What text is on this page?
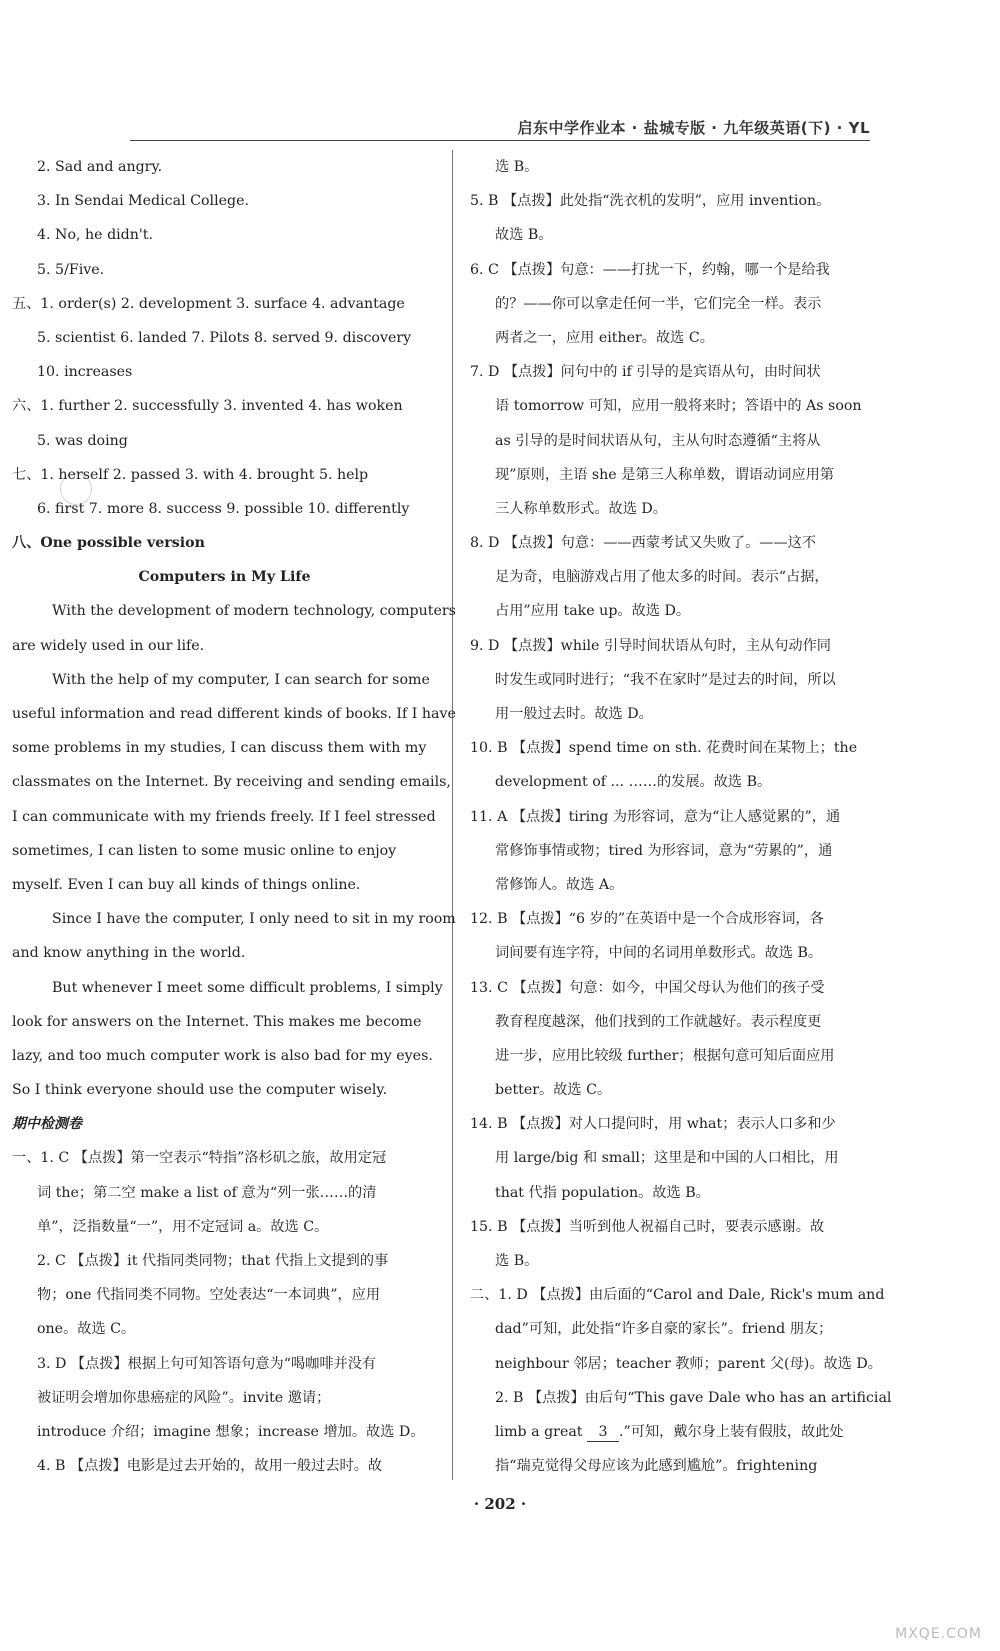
启东中学作业本 · 盐城专版 · 九年级英语(下) · YL
2. Sad and angry.
3. In Sendai Medical College.
4. No, he didn't.
5. 5/Five.
五、1. order(s) 2. development 3. surface 4. advantage
5. scientist 6. landed 7. Pilots 8. served 9. discovery
10. increases
六、1. further 2. successfully 3. invented 4. has woken
5. was doing
七、1. herself 2. passed 3. with 4. brought 5. help
6. first 7. more 8. success 9. possible 10. differently
八、One possible version
Computers in My Life
With the development of modern technology, computers
are widely used in our life.
With the help of my computer, I can search for some
useful information and read different kinds of books. If I have
some problems in my studies, I can discuss them with my
classmates on the Internet. By receiving and sending emails,
I can communicate with my friends freely. If I feel stressed
sometimes, I can listen to some music online to enjoy
myself. Even I can buy all kinds of things online.
Since I have the computer, I only need to sit in my room
and know anything in the world.
But whenever I meet some difficult problems, I simply
look for answers on the Internet. This makes me become
lazy, and too much computer work is also bad for my eyes.
So I think everyone should use the computer wisely.
期中检测卷
一、1. C 【点拨】第一空表示“特指”洛杉矶之旅，故用定冠
词 the；第二空 make a list of 意为“列一张……的清
单”，泛指数量“一”，用不定冠词 a。故选 C。
2. C 【点拨】it 代指同类同物；that 代指上文提到的事
物；one 代指同类不同物。空处表达“一本词典”，应用
one。故选 C。
3. D 【点拨】根据上句可知答语句意为“喝咖啡并没有
被证明会增加你患癌症的风险”。invite 邀请；
introduce 介绍；imagine 想象；increase 增加。故选 D。
4. B 【点拨】电影是过去开始的，故用一般过去时。故
选 B。
5. B 【点拨】此处指“洗衣机的发明”，应用 invention。
故选 B。
6. C 【点拨】句意：——打扰一下，约翰，哪一个是给我
的？——你可以拿走任何一半，它们完全一样。表示
两者之一，应用 either。故选 C。
7. D 【点拨】问句中的 if 引导的是宾语从句，由时间状
语 tomorrow 可知，应用一般将来时；答语中的 As soon
as 引导的是时间状语从句，主从句时态遵循“主将从
现”原则，主语 she 是第三人称单数，谓语动词应用第
三人称单数形式。故选 D。
8. D 【点拨】句意：——西蒙考试又失败了。——这不
足为奇，电脑游戏占用了他太多的时间。表示“占据，
占用”应用 take up。故选 D。
9. D 【点拨】while 引导时间状语从句时，主从句动作同
时发生或同时进行；“我不在家时”是过去的时间，所以
用一般过去时。故选 D。
10. B 【点拨】spend time on sth. 花费时间在某物上；the
development of ... ……的发展。故选 B。
11. A 【点拨】tiring 为形容词，意为“让人感觉累的”，通
常修饰事情或物；tired 为形容词，意为“劳累的”，通
常修饰人。故选 A。
12. B 【点拨】“6 岁的”在英语中是一个合成形容词，各
词间要有连字符，中间的名词用单数形式。故选 B。
13. C 【点拨】句意：如今，中国父母认为他们的孩子受
教育程度越深，他们找到的工作就越好。表示程度更
进一步，应用比较级 further；根据句意可知后面应用
better。故选 C。
14. B 【点拨】对人口提问时，用 what；表示人口多和少
用 large/big 和 small；这里是和中国的人口相比，用
that 代指 population。故选 B。
15. B 【点拨】当听到他人祝福自己时，要表示感谢。故
选 B。
二、1. D 【点拨】由后面的“Carol and Dale, Rick's mum and
dad”可知，此处指“许多自豪的家长”。friend 朋友；
neighbour 邻居；teacher 教师；parent 父(母)。故选 D。
2. B 【点拨】由后句“This gave Dale who has an artificial
limb a great 3 .”可知，戴尔身上装有假肢，故此处
指“瑞克觉得父母应该为此感到尴尬”。frightening
· 202 ·
MXQE.COM
